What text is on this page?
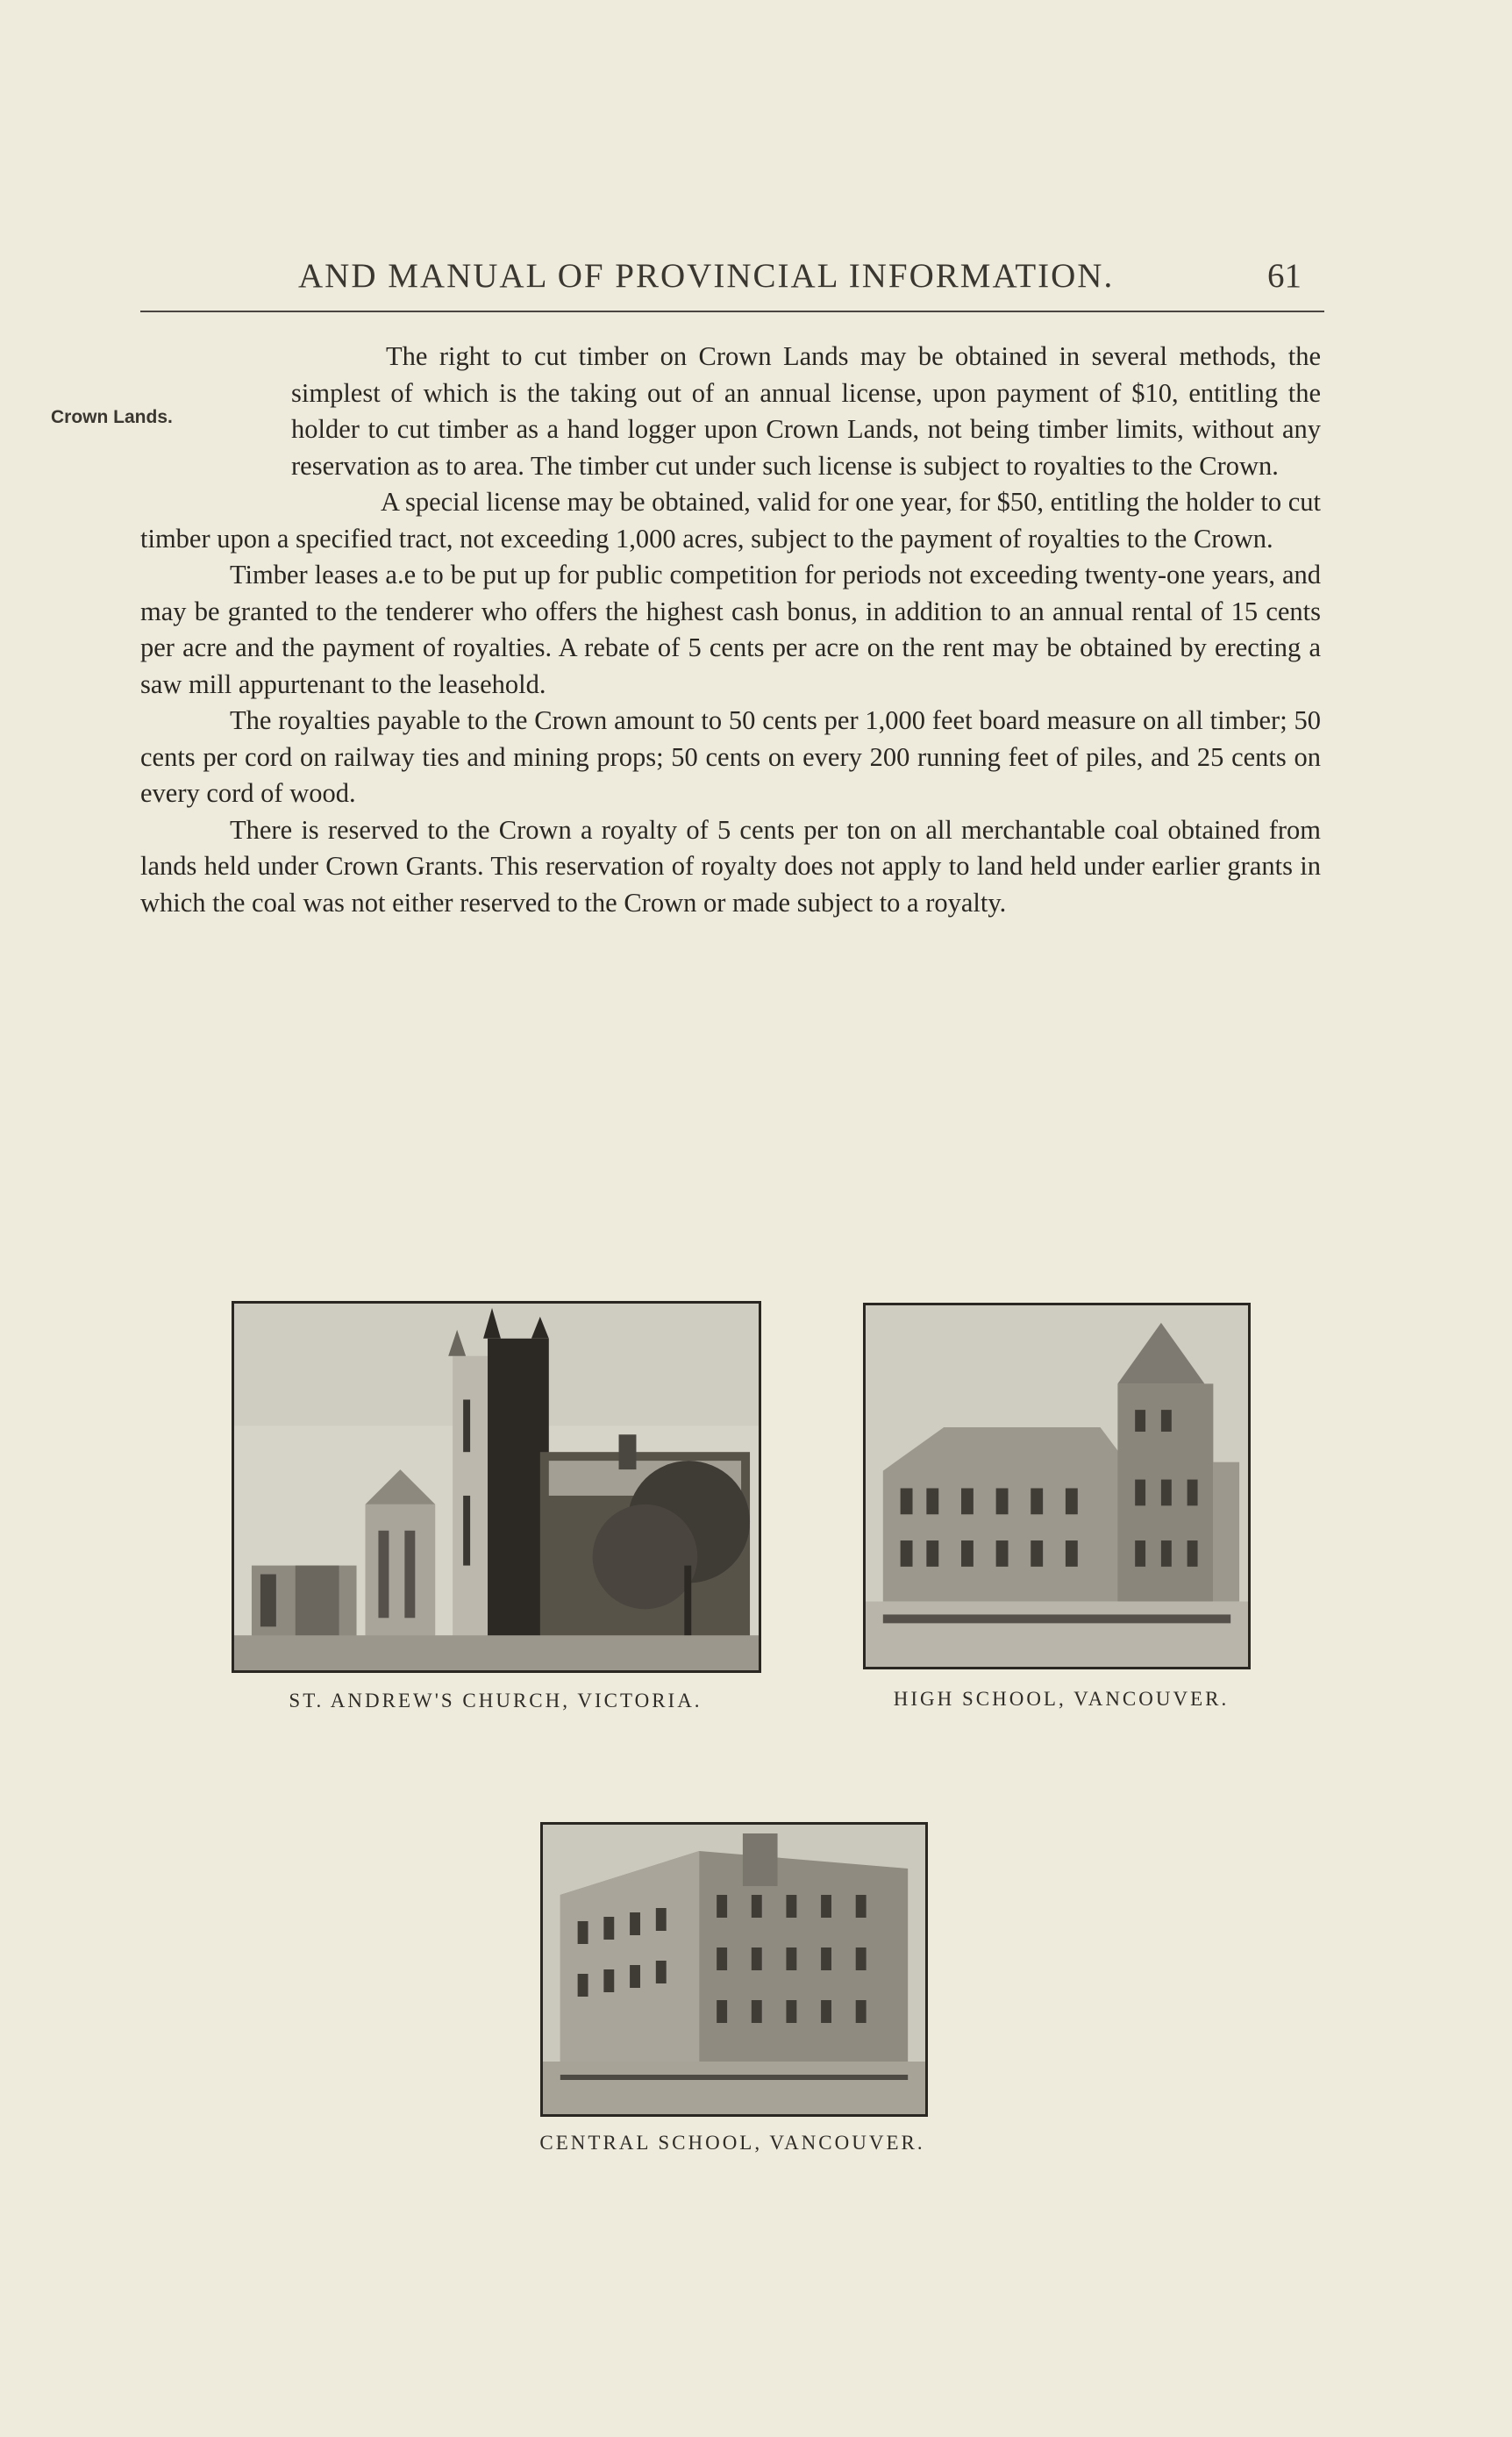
AND MANUAL OF PROVINCIAL INFORMATION.	61

Crown Lands.
The right to cut timber on Crown Lands may be obtained in several methods, the simplest of which is the taking out of an annual license, upon payment of $10, entitling the holder to cut timber as a hand logger upon Crown Lands, not being timber limits, without any reservation as to area. The timber cut under such license is subject to royalties to the Crown.

A special license may be obtained, valid for one year, for $50, entitling the holder to cut timber upon a specified tract, not exceeding 1,000 acres, subject to the payment of royalties to the Crown.

Timber leases a.e to be put up for public competition for periods not exceeding twenty-one years, and may be granted to the tenderer who offers the highest cash bonus, in addition to an annual rental of 15 cents per acre and the payment of royalties. A rebate of 5 cents per acre on the rent may be obtained by erecting a saw mill appurtenant to the leasehold.

The royalties payable to the Crown amount to 50 cents per 1,000 feet board measure on all timber; 50 cents per cord on railway ties and mining props; 50 cents on every 200 running feet of piles, and 25 cents on every cord of wood.

There is reserved to the Crown a royalty of 5 cents per ton on all merchantable coal obtained from lands held under Crown Grants. This reservation of royalty does not apply to land held under earlier grants in which the coal was not either reserved to the Crown or made subject to a royalty.

ST. ANDREW'S CHURCH, VICTORIA.	HIGH SCHOOL, VANCOUVER.
CENTRAL SCHOOL, VANCOUVER.
